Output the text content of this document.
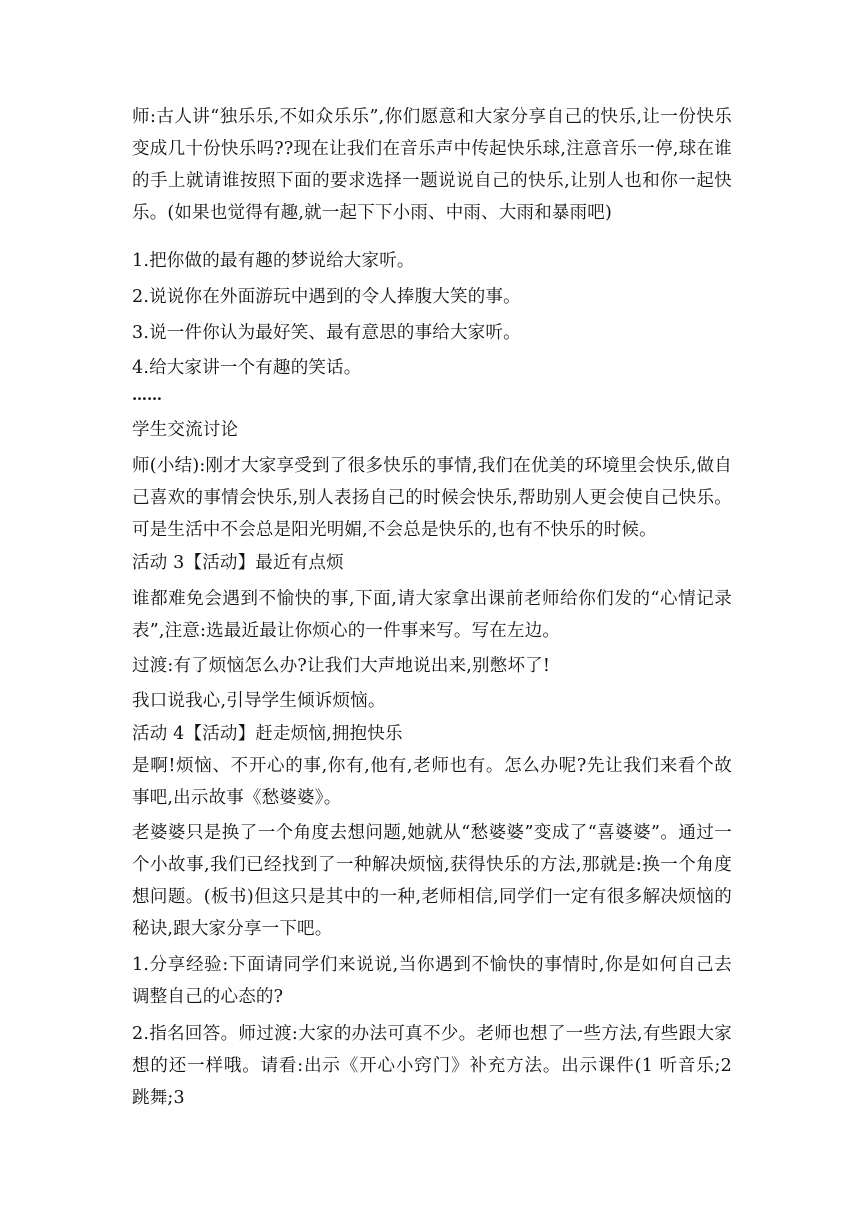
师:古人讲“独乐乐,不如众乐乐”,你们愿意和大家分享自己的快乐,让一份快乐变成几十份快乐吗??现在让我们在音乐声中传起快乐球,注意音乐一停,球在谁的手上就请谁按照下面的要求选择一题说说自己的快乐,让别人也和你一起快乐。(如果也觉得有趣,就一起下下小雨、中雨、大雨和暴雨吧)
1.把你做的最有趣的梦说给大家听。
2.说说你在外面游玩中遇到的令人捧腹大笑的事。
3.说一件你认为最好笑、最有意思的事给大家听。
4.给大家讲一个有趣的笑话。
……
学生交流讨论
师(小结):刚才大家享受到了很多快乐的事情,我们在优美的环境里会快乐,做自己喜欢的事情会快乐,别人表扬自己的时候会快乐,帮助别人更会使自己快乐。可是生活中不会总是阳光明媚,不会总是快乐的,也有不快乐的时候。
活动 3【活动】最近有点烦
谁都难免会遇到不愉快的事,下面,请大家拿出课前老师给你们发的“心情记录表”,注意:选最近最让你烦心的一件事来写。写在左边。
过渡:有了烦恼怎么办?让我们大声地说出来,别憋坏了!
我口说我心,引导学生倾诉烦恼。
活动 4【活动】赶走烦恼,拥抱快乐
是啊!烦恼、不开心的事,你有,他有,老师也有。怎么办呢?先让我们来看个故事吧,出示故事《愁婆婆》。
老婆婆只是换了一个角度去想问题,她就从“愁婆婆”变成了“喜婆婆”。通过一个小故事,我们已经找到了一种解决烦恼,获得快乐的方法,那就是:换一个角度想问题。(板书)但这只是其中的一种,老师相信,同学们一定有很多解决烦恼的秘诀,跟大家分享一下吧。
1.分享经验:下面请同学们来说说,当你遇到不愉快的事情时,你是如何自己去调整自己的心态的?
2.指名回答。师过渡:大家的办法可真不少。老师也想了一些方法,有些跟大家想的还一样哦。请看:出示《开心小窍门》补充方法。出示课件(1 听音乐;2 跳舞;3
